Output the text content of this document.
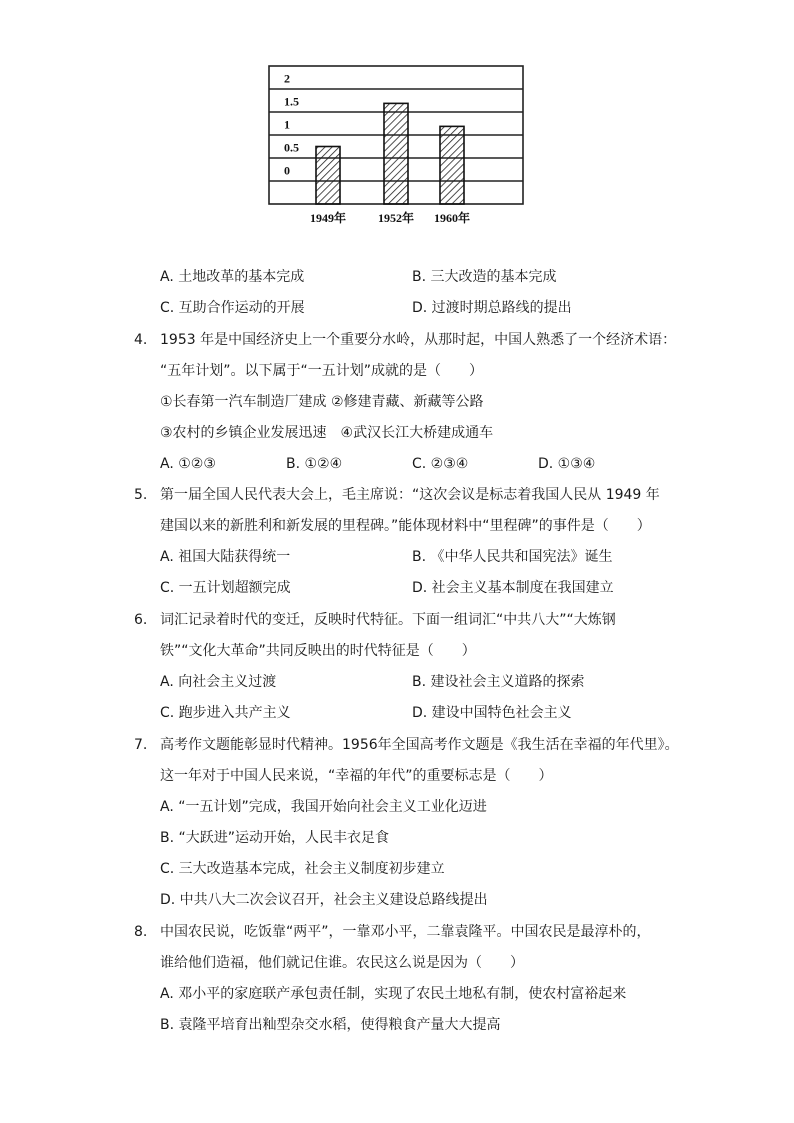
2
1.5
1
0.5
0
1949年	1952年 1960年
A. 土地改革的基本完成	B. 三大改造的基本完成
C. 互助合作运动的开展	D. 过渡时期总路线的提出
4. 1953 年是中国经济史上一个重要分水岭，从那时起，中国人熟悉了一个经济术语：
“五年计划”。以下属于“一五计划”成就的是（　　）
①长春第一汽车制造厂建成 ②修建青藏、新藏等公路
③农村的乡镇企业发展迅速　④武汉长江大桥建成通车
A. ①②③	B. ①②④	C. ②③④	D. ①③④
5. 第一届全国人民代表大会上，毛主席说：“这次会议是标志着我国人民从 1949 年
建国以来的新胜利和新发展的里程碑。”能体现材料中“里程碑”的事件是（　　）
A. 祖国大陆获得统一	B. 《中华人民共和国宪法》诞生
C. 一五计划超额完成	D. 社会主义基本制度在我国建立
6. 词汇记录着时代的变迁，反映时代特征。下面一组词汇“中共八大”“大炼钢
铁”“文化大革命”共同反映出的时代特征是（　　）
A. 向社会主义过渡	B. 建设社会主义道路的探索
C. 跑步进入共产主义	D. 建设中国特色社会主义
7. 高考作文题能彰显时代精神。1956年全国高考作文题是《我生活在幸福的年代里》。
这一年对于中国人民来说，“幸福的年代”的重要标志是（　　）
A. “一五计划”完成，我国开始向社会主义工业化迈进
B. “大跃进”运动开始，人民丰衣足食
C. 三大改造基本完成，社会主义制度初步建立
D. 中共八大二次会议召开，社会主义建设总路线提出
8. 中国农民说，吃饭靠“两平”，一靠邓小平，二靠袁隆平。中国农民是最淳朴的，
谁给他们造福，他们就记住谁。农民这么说是因为（　　）
A. 邓小平的家庭联产承包责任制，实现了农民土地私有制，使农村富裕起来
B. 袁隆平培育出籼型杂交水稻，使得粮食产量大大提高
